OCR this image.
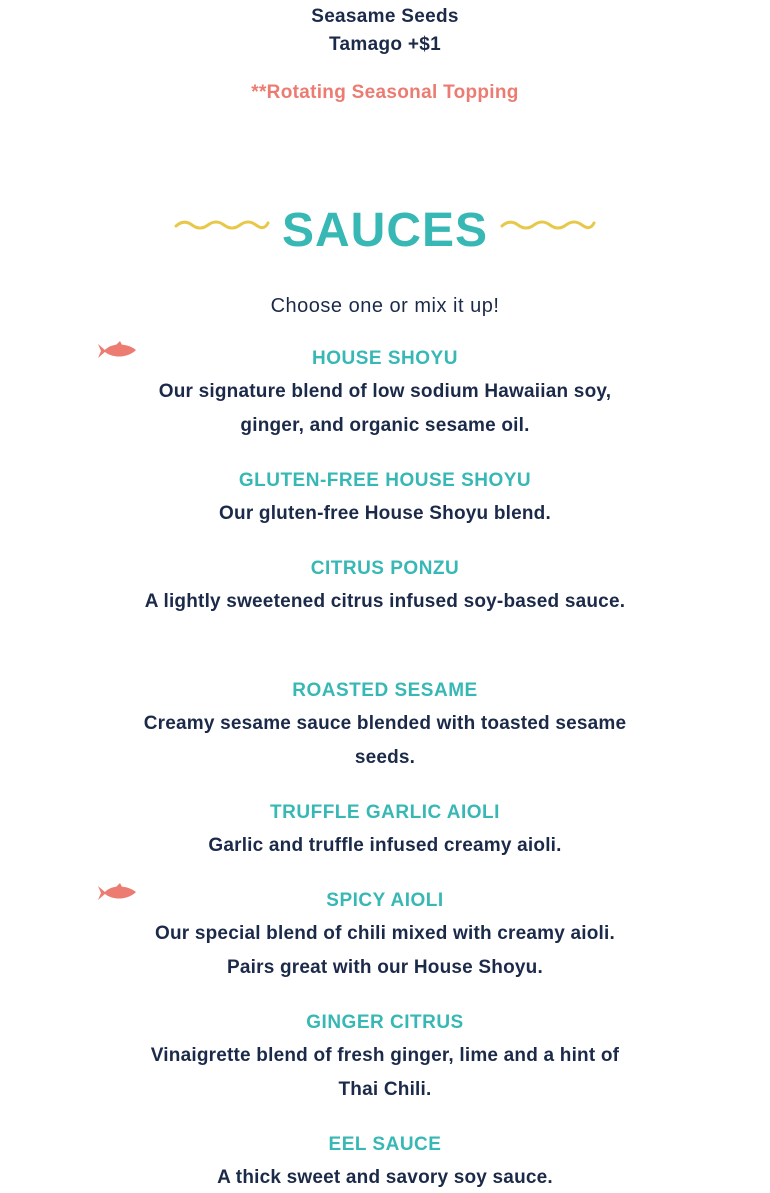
Seasame Seeds
Tamago +$1
**Rotating Seasonal Topping
SAUCES
Choose one or mix it up!
HOUSE SHOYU
Our signature blend of low sodium Hawaiian soy, ginger, and organic sesame oil.
GLUTEN-FREE HOUSE SHOYU
Our gluten-free House Shoyu blend.
CITRUS PONZU
A lightly sweetened citrus infused soy-based sauce.
ROASTED SESAME
Creamy sesame sauce blended with toasted sesame seeds.
TRUFFLE GARLIC AIOLI
Garlic and truffle infused creamy aioli.
SPICY AIOLI
Our special blend of chili mixed with creamy aioli. Pairs great with our House Shoyu.
GINGER CITRUS
Vinaigrette blend of fresh ginger, lime and a hint of Thai Chili.
EEL SAUCE
A thick sweet and savory soy sauce.
